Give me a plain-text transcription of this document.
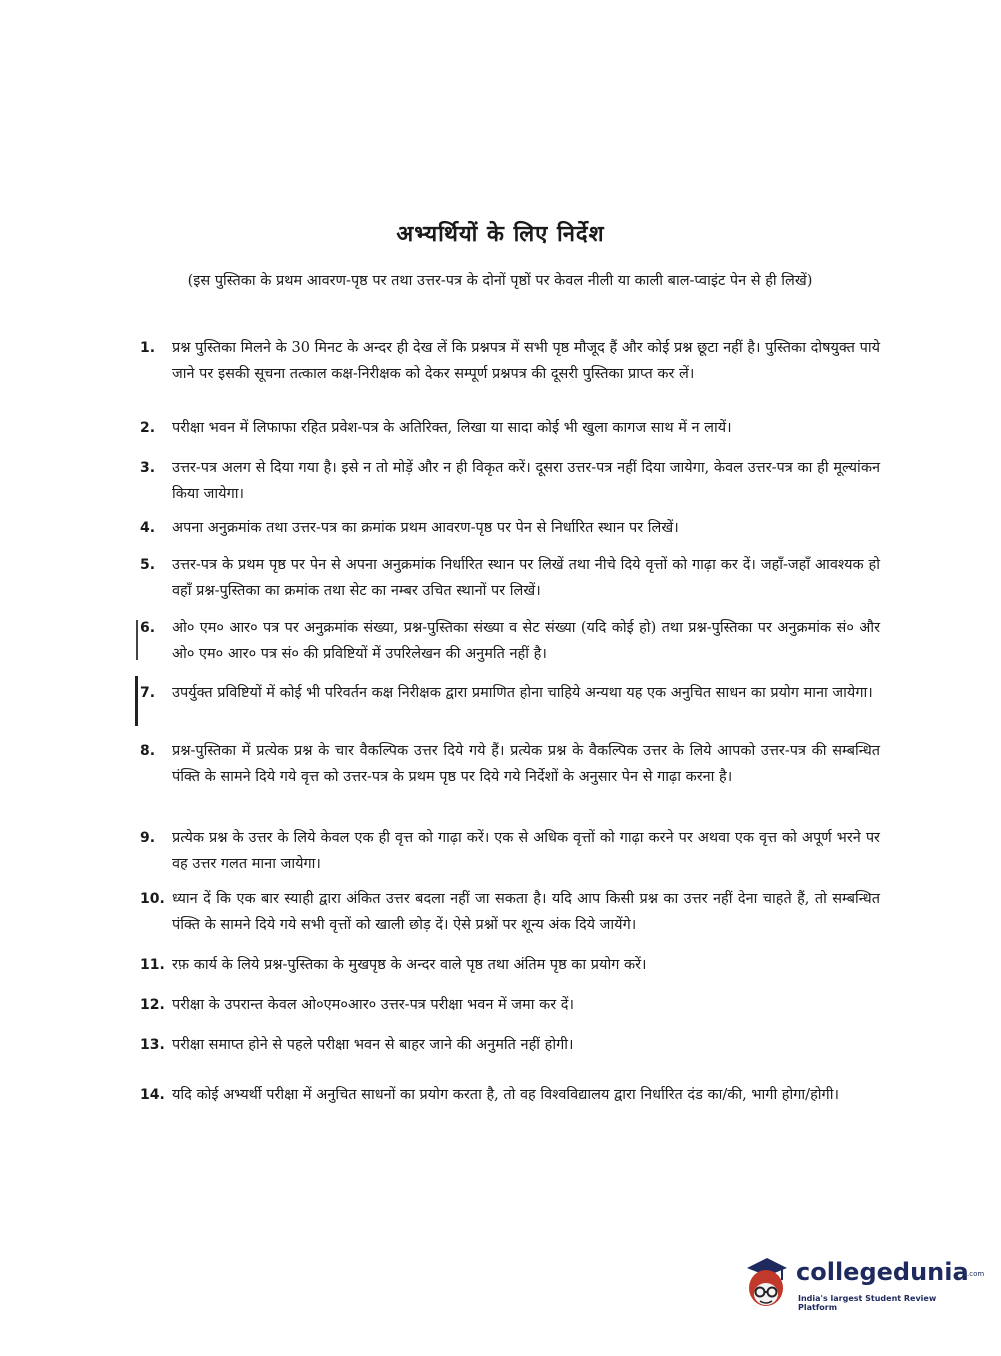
अभ्यर्थियों के लिए निर्देश
(इस पुस्तिका के प्रथम आवरण-पृष्ठ पर तथा उत्तर-पत्र के दोनों पृष्ठों पर केवल नीली या काली बाल-प्वाइंट पेन से ही लिखें)
1.	प्रश्न पुस्तिका मिलने के 30 मिनट के अन्दर ही देख लें कि प्रश्नपत्र में सभी पृष्ठ मौजूद हैं और कोई प्रश्न छूटा नहीं है। पुस्तिका दोषयुक्त पाये जाने पर इसकी सूचना तत्काल कक्ष-निरीक्षक को देकर सम्पूर्ण प्रश्नपत्र की दूसरी पुस्तिका प्राप्त कर लें।
2.	परीक्षा भवन में लिफाफा रहित प्रवेश-पत्र के अतिरिक्त, लिखा या सादा कोई भी खुला कागज साथ में न लायें।
3.	उत्तर-पत्र अलग से दिया गया है। इसे न तो मोड़ें और न ही विकृत करें। दूसरा उत्तर-पत्र नहीं दिया जायेगा, केवल उत्तर-पत्र का ही मूल्यांकन किया जायेगा।
4.	अपना अनुक्रमांक तथा उत्तर-पत्र का क्रमांक प्रथम आवरण-पृष्ठ पर पेन से निर्धारित स्थान पर लिखें।
5.	उत्तर-पत्र के प्रथम पृष्ठ पर पेन से अपना अनुक्रमांक निर्धारित स्थान पर लिखें तथा नीचे दिये वृत्तों को गाढ़ा कर दें। जहाँ-जहाँ आवश्यक हो वहाँ प्रश्न-पुस्तिका का क्रमांक तथा सेट का नम्बर उचित स्थानों पर लिखें।
6.	ओ० एम० आर० पत्र पर अनुक्रमांक संख्या, प्रश्न-पुस्तिका संख्या व सेट संख्या (यदि कोई हो) तथा प्रश्न-पुस्तिका पर अनुक्रमांक सं० और ओ० एम० आर० पत्र सं० की प्रविष्टियों में उपरिलेखन की अनुमति नहीं है।
7.	उपर्युक्त प्रविष्टियों में कोई भी परिवर्तन कक्ष निरीक्षक द्वारा प्रमाणित होना चाहिये अन्यथा यह एक अनुचित साधन का प्रयोग माना जायेगा।
8.	प्रश्न-पुस्तिका में प्रत्येक प्रश्न के चार वैकल्पिक उत्तर दिये गये हैं। प्रत्येक प्रश्न के वैकल्पिक उत्तर के लिये आपको उत्तर-पत्र की सम्बन्धित पंक्ति के सामने दिये गये वृत्त को उत्तर-पत्र के प्रथम पृष्ठ पर दिये गये निर्देशों के अनुसार पेन से गाढ़ा करना है।
9.	प्रत्येक प्रश्न के उत्तर के लिये केवल एक ही वृत्त को गाढ़ा करें। एक से अधिक वृत्तों को गाढ़ा करने पर अथवा एक वृत्त को अपूर्ण भरने पर वह उत्तर गलत माना जायेगा।
10. ध्यान दें कि एक बार स्याही द्वारा अंकित उत्तर बदला नहीं जा सकता है। यदि आप किसी प्रश्न का उत्तर नहीं देना चाहते हैं, तो सम्बन्धित पंक्ति के सामने दिये गये सभी वृत्तों को खाली छोड़ दें। ऐसे प्रश्नों पर शून्य अंक दिये जायेंगे।
11. रफ़ कार्य के लिये प्रश्न-पुस्तिका के मुखपृष्ठ के अन्दर वाले पृष्ठ तथा अंतिम पृष्ठ का प्रयोग करें।
12. परीक्षा के उपरान्त केवल ओ०एम०आर० उत्तर-पत्र परीक्षा भवन में जमा कर दें।
13. परीक्षा समाप्त होने से पहले परीक्षा भवन से बाहर जाने की अनुमति नहीं होगी।
14. यदि कोई अभ्यर्थी परीक्षा में अनुचित साधनों का प्रयोग करता है, तो वह विश्वविद्यालय द्वारा निर्धारित दंड का/की, भागी होगा/होगी।
collegedunia
.com
India's largest Student Review Platform
